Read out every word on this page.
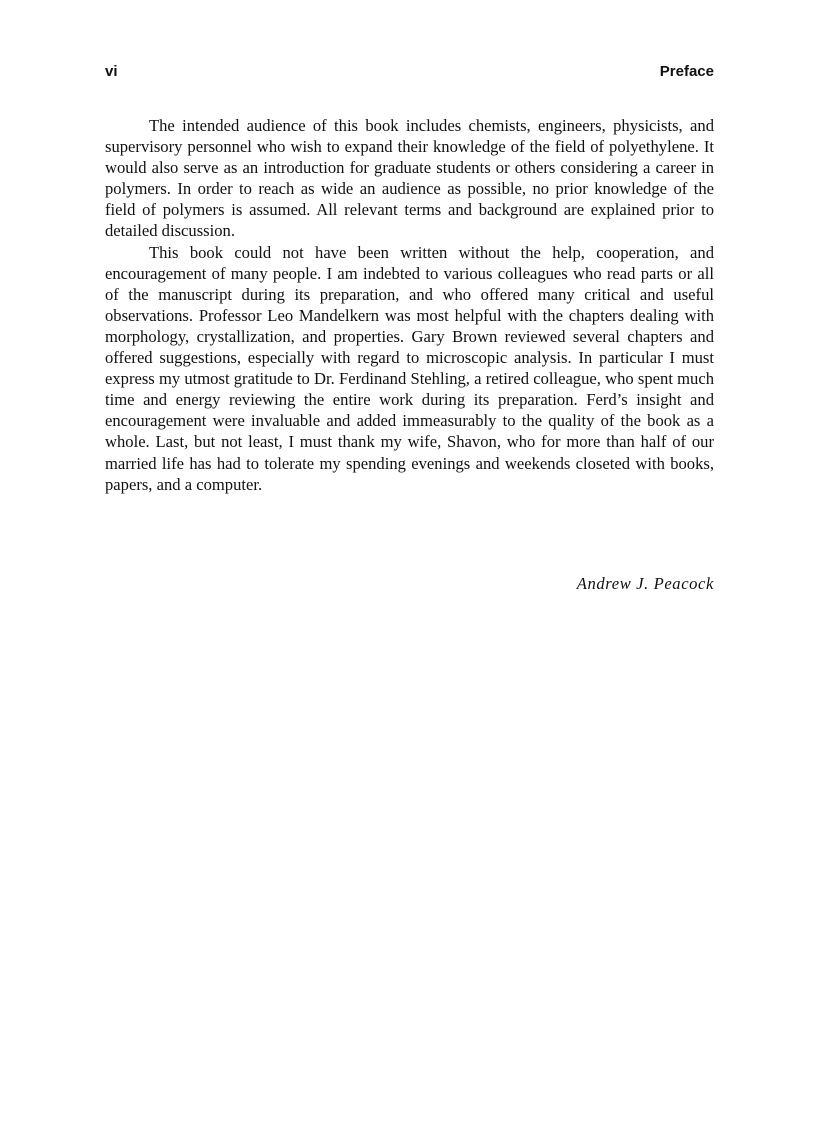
vi	Preface

The intended audience of this book includes chemists, engineers, physicists, and supervisory personnel who wish to expand their knowledge of the field of polyethylene. It would also serve as an introduction for graduate students or others considering a career in polymers. In order to reach as wide an audience as possible, no prior knowledge of the field of polymers is assumed. All relevant terms and background are explained prior to detailed discussion.

This book could not have been written without the help, cooperation, and encouragement of many people. I am indebted to various colleagues who read parts or all of the manuscript during its preparation, and who offered many critical and useful observations. Professor Leo Mandelkern was most helpful with the chapters dealing with morphology, crystallization, and properties. Gary Brown reviewed several chapters and offered suggestions, especially with regard to microscopic analysis. In particular I must express my utmost gratitude to Dr. Ferdinand Stehling, a retired colleague, who spent much time and energy reviewing the entire work during its preparation. Ferd’s insight and encouragement were invaluable and added immeasurably to the quality of the book as a whole. Last, but not least, I must thank my wife, Shavon, who for more than half of our married life has had to tolerate my spending evenings and weekends closeted with books, papers, and a computer.

Andrew J. Peacock
